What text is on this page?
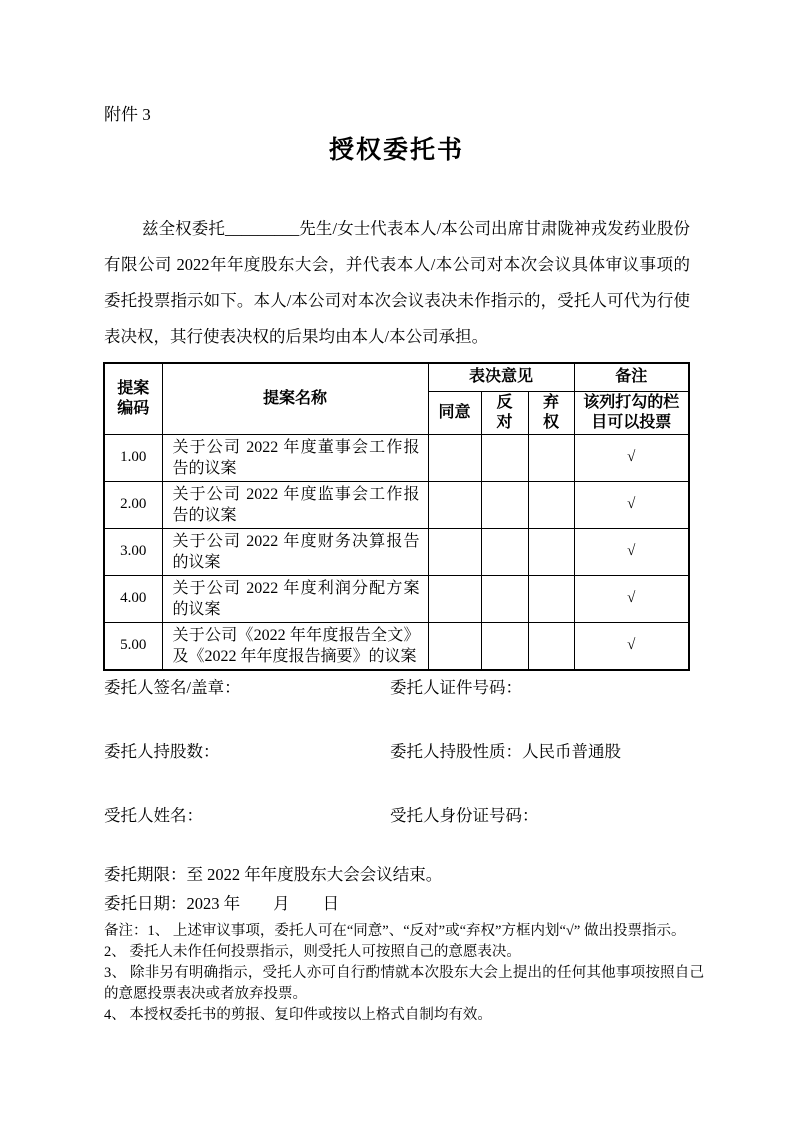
附件 3
授权委托书
兹全权委托_________先生/女士代表本人/本公司出席甘肃陇神戎发药业股份有限公司 2022年年度股东大会，并代表本人/本公司对本次会议具体审议事项的委托投票指示如下。本人/本公司对本次会议表决未作指示的，受托人可代为行使表决权，其行使表决权的后果均由本人/本公司承担。
提案编码	提案名称	表决意见			备注
		同意	反对	弃权	该列打勾的栏目可以投票
1.00	关于公司 2022 年度董事会工作报告的议案				√
2.00	关于公司 2022 年度监事会工作报告的议案				√
3.00	关于公司 2022 年度财务决算报告的议案				√
4.00	关于公司 2022 年度利润分配方案的议案				√
5.00	关于公司《2022 年年度报告全文》及《2022 年年度报告摘要》的议案				√
委托人签名/盖章：	委托人证件号码：
委托人持股数：	委托人持股性质：人民币普通股
受托人姓名：	受托人身份证号码：
委托期限：至 2022 年年度股东大会会议结束。
委托日期：2023 年　　月　　日

备注：1、 上述审议事项，委托人可在“同意”、“反对”或“弃权”方框内划“√” 做出投票指示。

2、 委托人未作任何投票指示，则受托人可按照自己的意愿表决。

3、 除非另有明确指示，受托人亦可自行酌情就本次股东大会上提出的任何其他事项按照自己的意愿投票表决或者放弃投票。

4、 本授权委托书的剪报、复印件或按以上格式自制均有效。
